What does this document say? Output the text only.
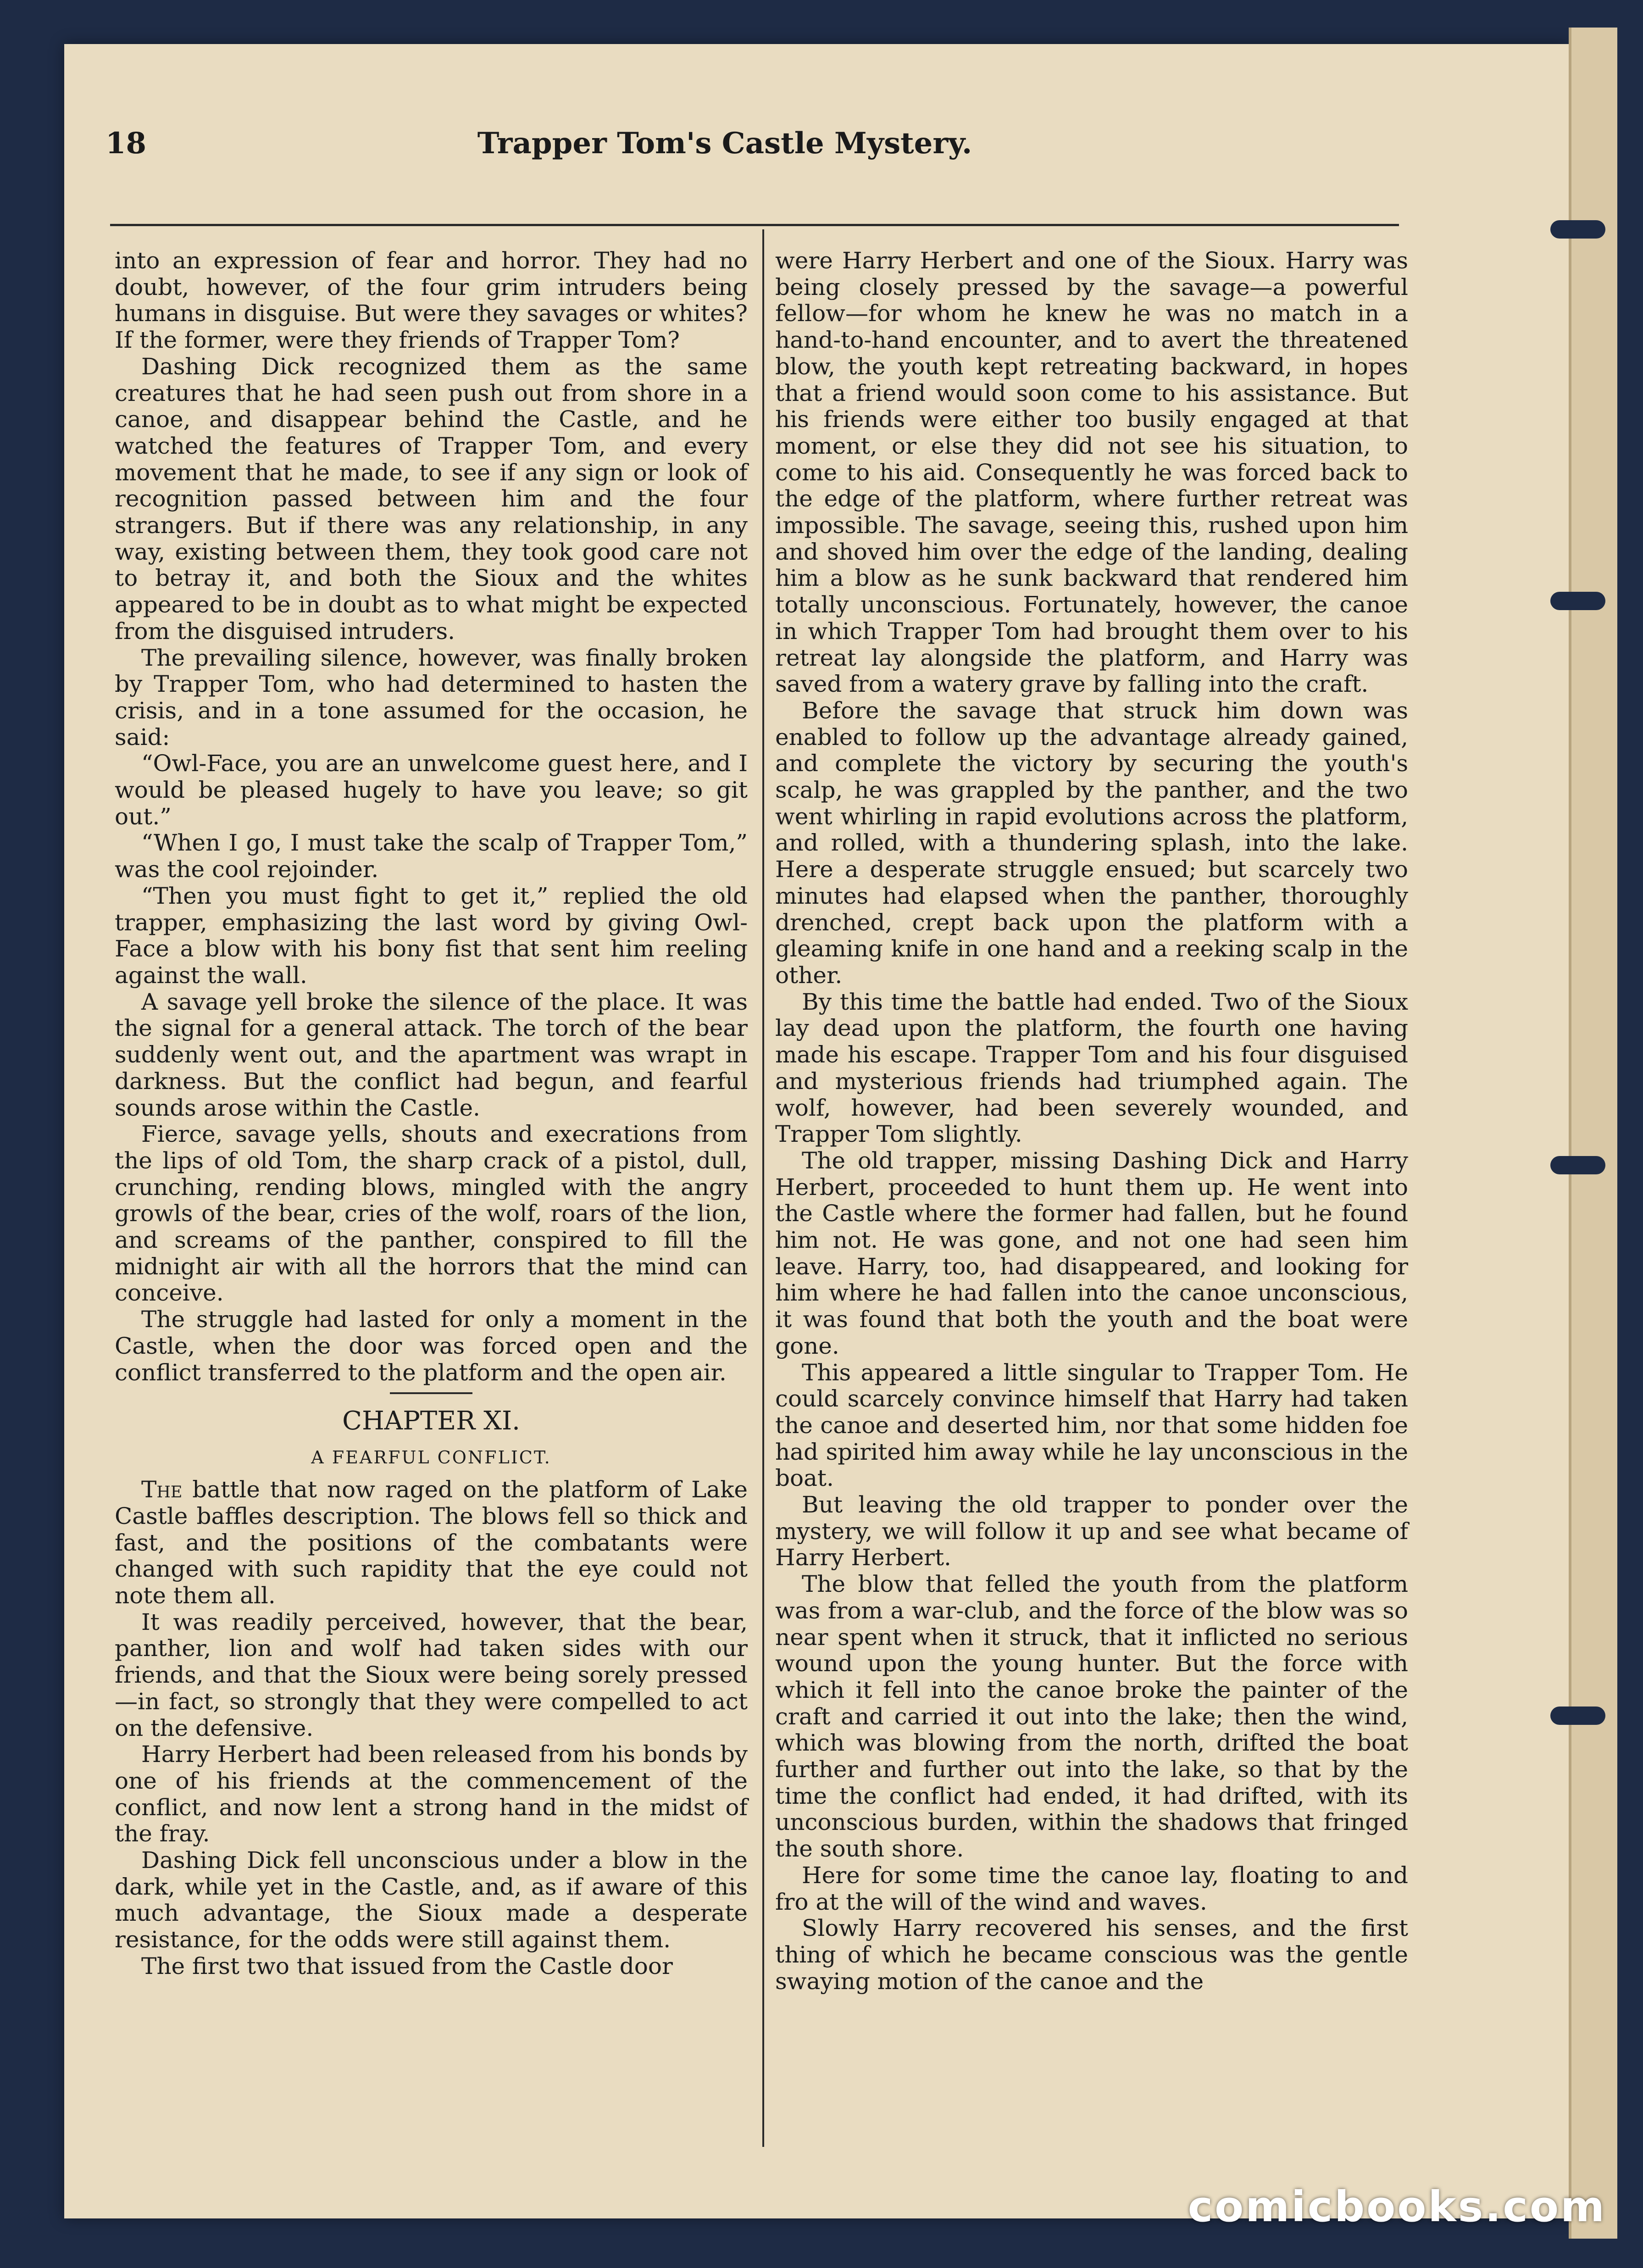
18	Trapper Tom's Castle Mystery.

into an expression of fear and horror. They had no doubt, however, of the four grim intruders being humans in disguise. But were they savages or whites? If the former, were they friends of Trapper Tom?

Dashing Dick recognized them as the same creatures that he had seen push out from shore in a canoe, and disappear behind the Castle, and he watched the features of Trapper Tom, and every movement that he made, to see if any sign or look of recognition passed between him and the four strangers. But if there was any relationship, in any way, existing between them, they took good care not to betray it, and both the Sioux and the whites appeared to be in doubt as to what might be expected from the disguised intruders.

The prevailing silence, however, was finally broken by Trapper Tom, who had determined to hasten the crisis, and in a tone assumed for the occasion, he said:

“Owl-Face, you are an unwelcome guest here, and I would be pleased hugely to have you leave; so git out.”

“When I go, I must take the scalp of Trapper Tom,” was the cool rejoinder.

“Then you must fight to get it,” replied the old trapper, emphasizing the last word by giving Owl-Face a blow with his bony fist that sent him reeling against the wall.

A savage yell broke the silence of the place. It was the signal for a general attack. The torch of the bear suddenly went out, and the apartment was wrapt in darkness. But the conflict had begun, and fearful sounds arose within the Castle.

Fierce, savage yells, shouts and execrations from the lips of old Tom, the sharp crack of a pistol, dull, crunching, rending blows, mingled with the angry growls of the bear, cries of the wolf, roars of the lion, and screams of the panther, conspired to fill the midnight air with all the horrors that the mind can conceive.

The struggle had lasted for only a moment in the Castle, when the door was forced open and the conflict transferred to the platform and the open air.

CHAPTER XI.
A FEARFUL CONFLICT.

The battle that now raged on the platform of Lake Castle baffles description. The blows fell so thick and fast, and the positions of the combatants were changed with such rapidity that the eye could not note them all.

It was readily perceived, however, that the bear, panther, lion and wolf had taken sides with our friends, and that the Sioux were being sorely pressed—in fact, so strongly that they were compelled to act on the defensive.

Harry Herbert had been released from his bonds by one of his friends at the commencement of the conflict, and now lent a strong hand in the midst of the fray.

Dashing Dick fell unconscious under a blow in the dark, while yet in the Castle, and, as if aware of this much advantage, the Sioux made a desperate resistance, for the odds were still against them.

The first two that issued from the Castle door

were Harry Herbert and one of the Sioux. Harry was being closely pressed by the savage—a powerful fellow—for whom he knew he was no match in a hand-to-hand encounter, and to avert the threatened blow, the youth kept retreating backward, in hopes that a friend would soon come to his assistance. But his friends were either too busily engaged at that moment, or else they did not see his situation, to come to his aid. Consequently he was forced back to the edge of the platform, where further retreat was impossible. The savage, seeing this, rushed upon him and shoved him over the edge of the landing, dealing him a blow as he sunk backward that rendered him totally unconscious. Fortunately, however, the canoe in which Trapper Tom had brought them over to his retreat lay alongside the platform, and Harry was saved from a watery grave by falling into the craft.

Before the savage that struck him down was enabled to follow up the advantage already gained, and complete the victory by securing the youth's scalp, he was grappled by the panther, and the two went whirling in rapid evolutions across the platform, and rolled, with a thundering splash, into the lake. Here a desperate struggle ensued; but scarcely two minutes had elapsed when the panther, thoroughly drenched, crept back upon the platform with a gleaming knife in one hand and a reeking scalp in the other.

By this time the battle had ended. Two of the Sioux lay dead upon the platform, the fourth one having made his escape. Trapper Tom and his four disguised and mysterious friends had triumphed again. The wolf, however, had been severely wounded, and Trapper Tom slightly.

The old trapper, missing Dashing Dick and Harry Herbert, proceeded to hunt them up. He went into the Castle where the former had fallen, but he found him not. He was gone, and not one had seen him leave. Harry, too, had disappeared, and looking for him where he had fallen into the canoe unconscious, it was found that both the youth and the boat were gone.

This appeared a little singular to Trapper Tom. He could scarcely convince himself that Harry had taken the canoe and deserted him, nor that some hidden foe had spirited him away while he lay unconscious in the boat.

But leaving the old trapper to ponder over the mystery, we will follow it up and see what became of Harry Herbert.

The blow that felled the youth from the platform was from a war-club, and the force of the blow was so near spent when it struck, that it inflicted no serious wound upon the young hunter. But the force with which it fell into the canoe broke the painter of the craft and carried it out into the lake; then the wind, which was blowing from the north, drifted the boat further and further out into the lake, so that by the time the conflict had ended, it had drifted, with its unconscious burden, within the shadows that fringed the south shore.

Here for some time the canoe lay, floating to and fro at the will of the wind and waves.

Slowly Harry recovered his senses, and the first thing of which he became conscious was the gentle swaying motion of the canoe and the

comicbooks.com
